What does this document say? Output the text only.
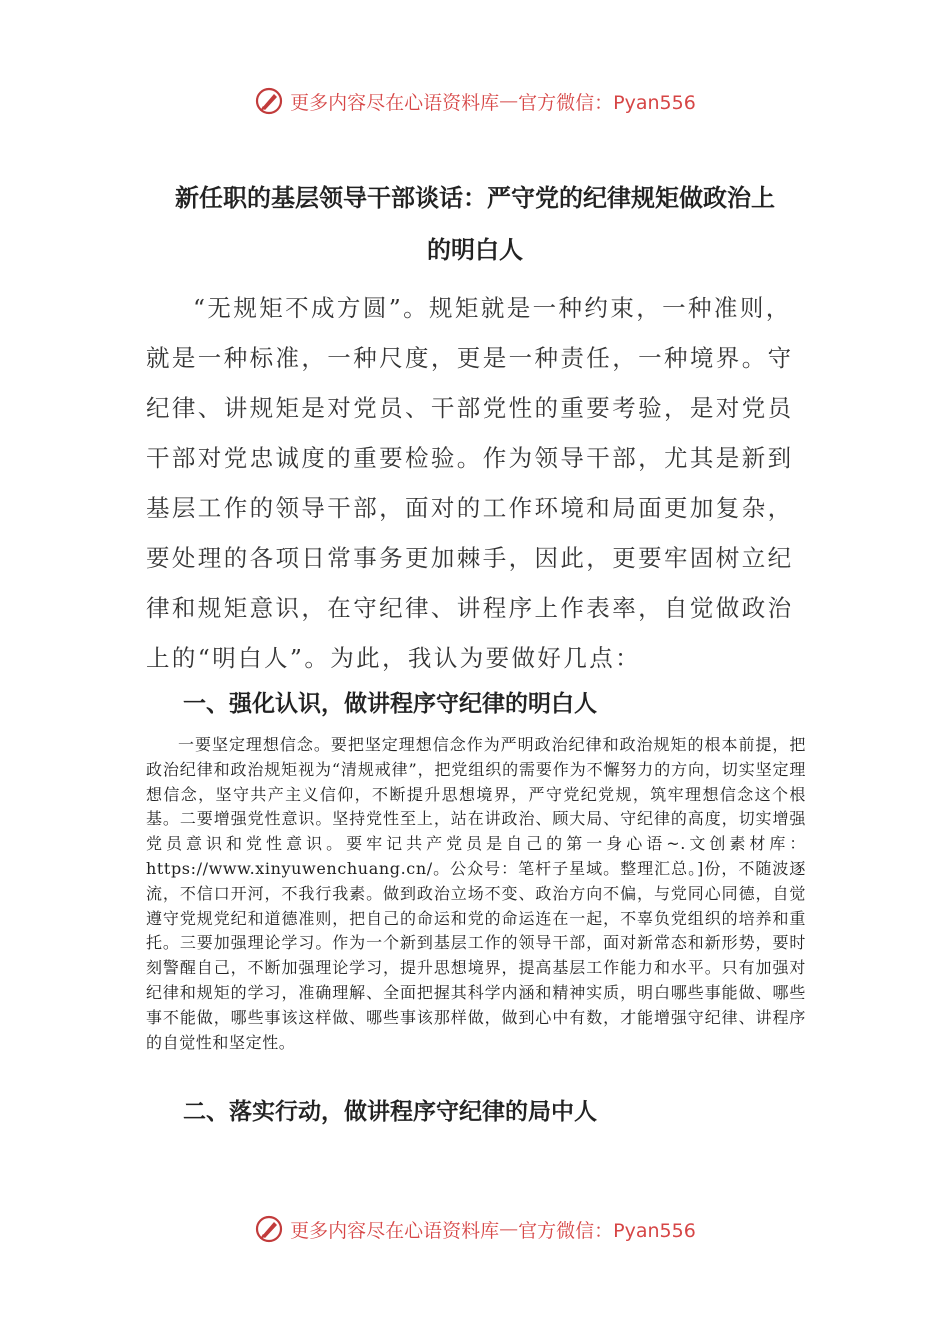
更多内容尽在心语资料库 — 官方微信：Pyan556
新任职的基层领导干部谈话：严守党的纪律规矩做政治上
的明白人

“无规矩不成方圆”。规矩就是一种约束，一种准则，就是一种标准，一种尺度，更是一种责任，一种境界。守纪律、讲规矩是对党员、干部党性的重要考验，是对党员干部对党忠诚度的重要检验。作为领导干部，尤其是新到基层工作的领导干部，面对的工作环境和局面更加复杂，要处理的各项日常事务更加棘手，因此，更要牢固树立纪律和规矩意识，在守纪律、讲程序上作表率，自觉做政治上的“明白人”。为此，我认为要做好几点：

一、强化认识，做讲程序守纪律的明白人

一要坚定理想信念。要把坚定理想信念作为严明政治纪律和政治规矩的根本前提，把政治纪律和政治规矩视为“清规戒律”，把党组织的需要作为不懈努力的方向，切实坚定理想信念，坚守共产主义信仰，不断提升思想境界，严守党纪党规，筑牢理想信念这个根基。二要增强党性意识。坚持党性至上，站在讲政治、顾大局、守纪律的高度，切实增强党员意识和党性意识。要牢记共产党员是自己的第一身心语~.文创素材库：https://www.xinyuwenchuang.cn/。公众号：笔杆子星域。整理汇总。]份，不随波逐流，不信口开河，不我行我素。做到政治立场不变、政治方向不偏，与党同心同德，自觉遵守党规党纪和道德准则，把自己的命运和党的命运连在一起，不辜负党组织的培养和重托。三要加强理论学习。作为一个新到基层工作的领导干部，面对新常态和新形势，要时刻警醒自己，不断加强理论学习，提升思想境界，提高基层工作能力和水平。只有加强对纪律和规矩的学习，准确理解、全面把握其科学内涵和精神实质，明白哪些事能做、哪些事不能做，哪些事该这样做、哪些事该那样做，做到心中有数，才能增强守纪律、讲程序的自觉性和坚定性。

二、落实行动，做讲程序守纪律的局中人
更多内容尽在心语资料库 — 官方微信：Pyan556
